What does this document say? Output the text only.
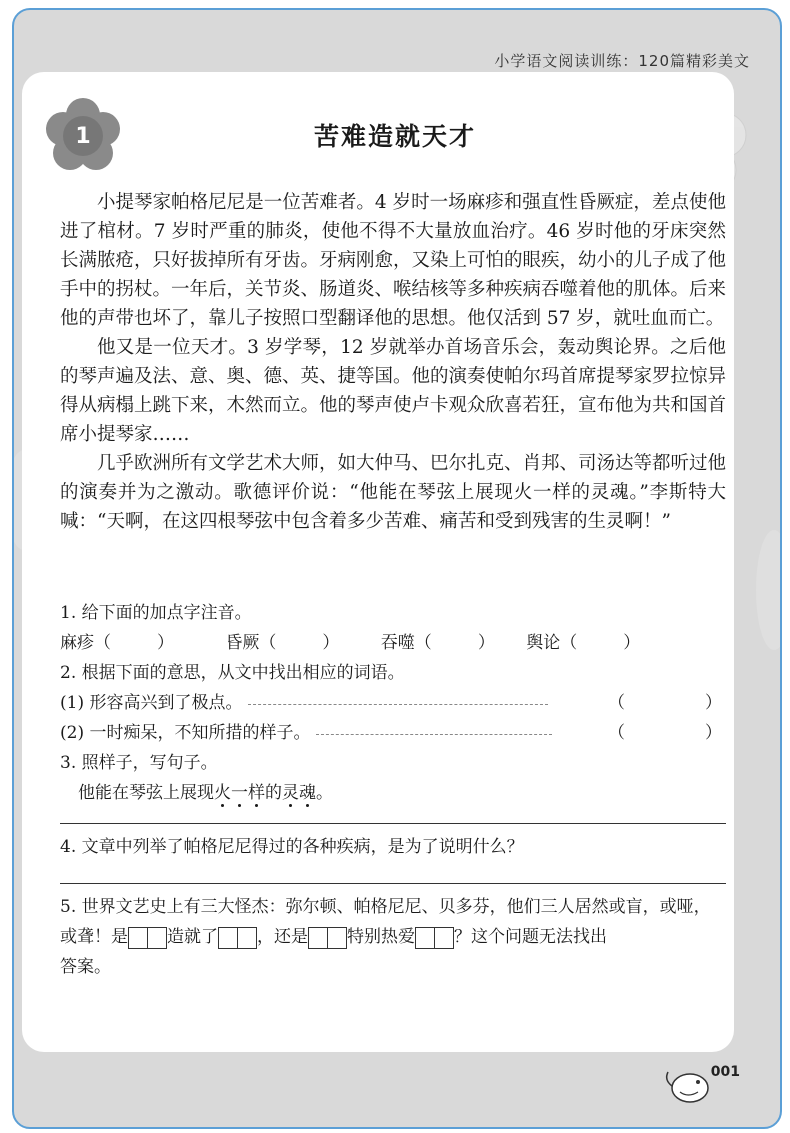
小学语文阅读训练：120篇精彩美文
1	苦难造就天才

小提琴家帕格尼尼是一位苦难者。4 岁时一场麻疹和强直性昏厥症，差点使他进了棺材。7 岁时严重的肺炎，使他不得不大量放血治疗。46 岁时他的牙床突然长满脓疮，只好拔掉所有牙齿。牙病刚愈，又染上可怕的眼疾，幼小的儿子成了他手中的拐杖。一年后，关节炎、肠道炎、喉结核等多种疾病吞噬着他的肌体。后来他的声带也坏了，靠儿子按照口型翻译他的思想。他仅活到 57 岁，就吐血而亡。

他又是一位天才。3 岁学琴，12 岁就举办首场音乐会，轰动舆论界。之后他的琴声遍及法、意、奥、德、英、捷等国。他的演奏使帕尔玛首席提琴家罗拉惊异得从病榻上跳下来，木然而立。他的琴声使卢卡观众欣喜若狂，宣布他为共和国首席小提琴家……

几乎欧洲所有文学艺术大师，如大仲马、巴尔扎克、肖邦、司汤达等都听过他的演奏并为之激动。歌德评价说：“他能在琴弦上展现火一样的灵魂。”李斯特大喊：“天啊，在这四根琴弦中包含着多少苦难、痛苦和受到残害的生灵啊！”

1. 给下面的加点字注音。
麻疹（	）	昏厥（	） 吞噬（	） 舆论（	）
2. 根据下面的意思，从文中找出相应的词语。
(1) 形容高兴到了极点。	（	）
(2) 一时痴呆，不知所措的样子。	（	）
3. 照样子，写句子。
他能在琴弦上展现火一样的灵魂。
4. 文章中列举了帕格尼尼得过的各种疾病，是为了说明什么？
5. 世界文艺史上有三大怪杰：弥尔顿、帕格尼尼、贝多芬，他们三人居然或盲，或哑，
或聋！是 造就了 ，还是 特别热爱 ？这个问题无法找出
答案。
001
